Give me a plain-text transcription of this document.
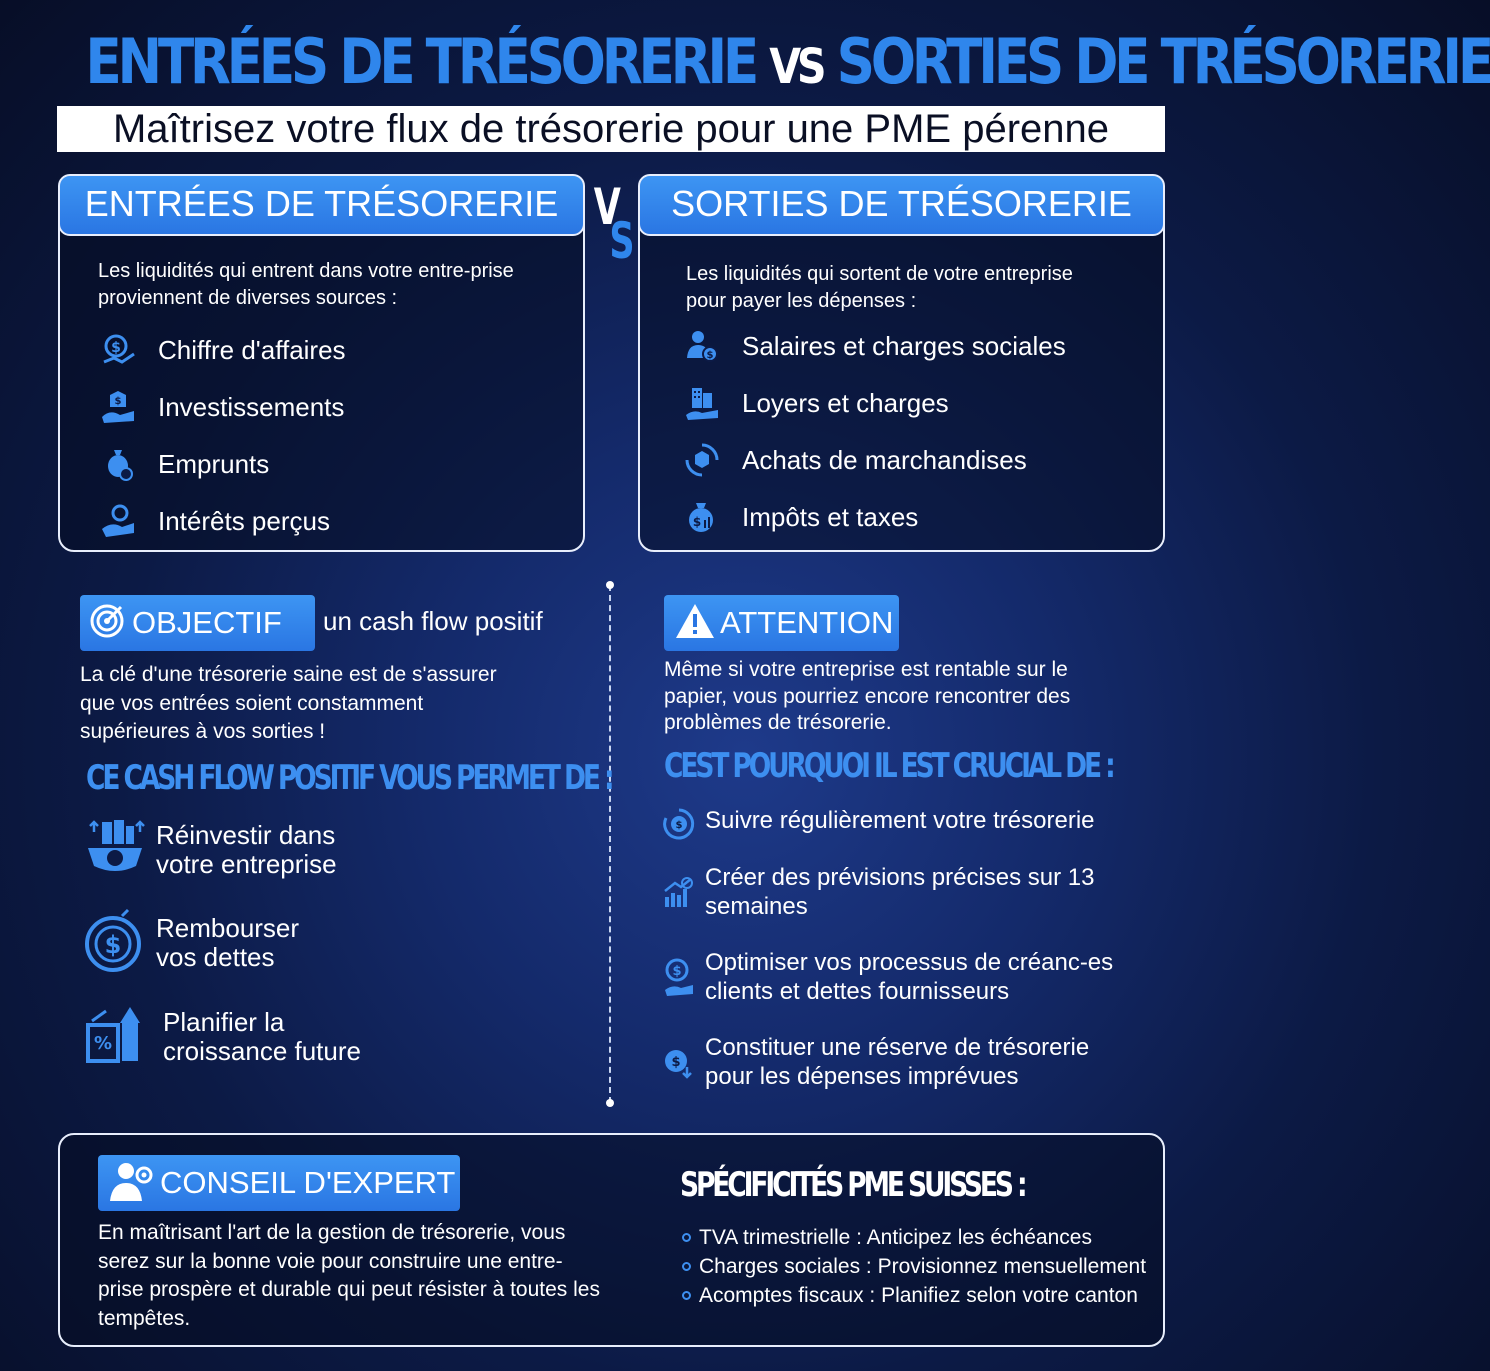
ENTRÉES DE TRÉSORERIE VS SORTIES DE TRÉSORERIE
Maîtrisez votre flux de trésorerie pour une PME pérenne
ENTRÉES DE TRÉSORERIE
Les liquidités qui entrent dans votre entre-prise proviennent de diverses sources :
$ Chiffre d'affaires
$ Investissements
Emprunts
Intérêts perçus
V
S
SORTIES DE TRÉSORERIE
Les liquidités qui sortent de votre entreprise pour payer les dépenses :
$ Salaires et charges sociales
Loyers et charges
Achats de marchandises
$ Impôts et taxes
OBJECTIF un cash flow positif
La clé d'une trésorerie saine est de s'assurer que vos entrées soient constamment supérieures à vos sorties !
CE CASH FLOW POSITIF VOUS PERMET DE :
Réinvestir dans
votre entreprise
$
Rembourser
vos dettes
%
Planifier la
croissance future
ATTENTION
Même si votre entreprise est rentable sur le papier, vous pourriez encore rencontrer des problèmes de trésorerie.
CEST POURQUOI IL EST CRUCIAL DE :
$ Suivre régulièrement votre trésorerie
Créer des prévisions précises sur 13 semaines
$ Optimiser vos processus de créanc-es clients et dettes fournisseurs
$
Constituer une réserve de trésorerie pour les dépenses imprévues
CONSEIL D'EXPERT
En maîtrisant l'art de la gestion de trésorerie, vous serez sur la bonne voie pour construire une entre-prise prospère et durable qui peut résister à toutes les tempêtes.
SPÉCIFICITÉS PME SUISSES :
TVA trimestrielle : Anticipez les échéances
Charges sociales : Provisionnez mensuellement
Acomptes fiscaux : Planifiez selon votre canton
